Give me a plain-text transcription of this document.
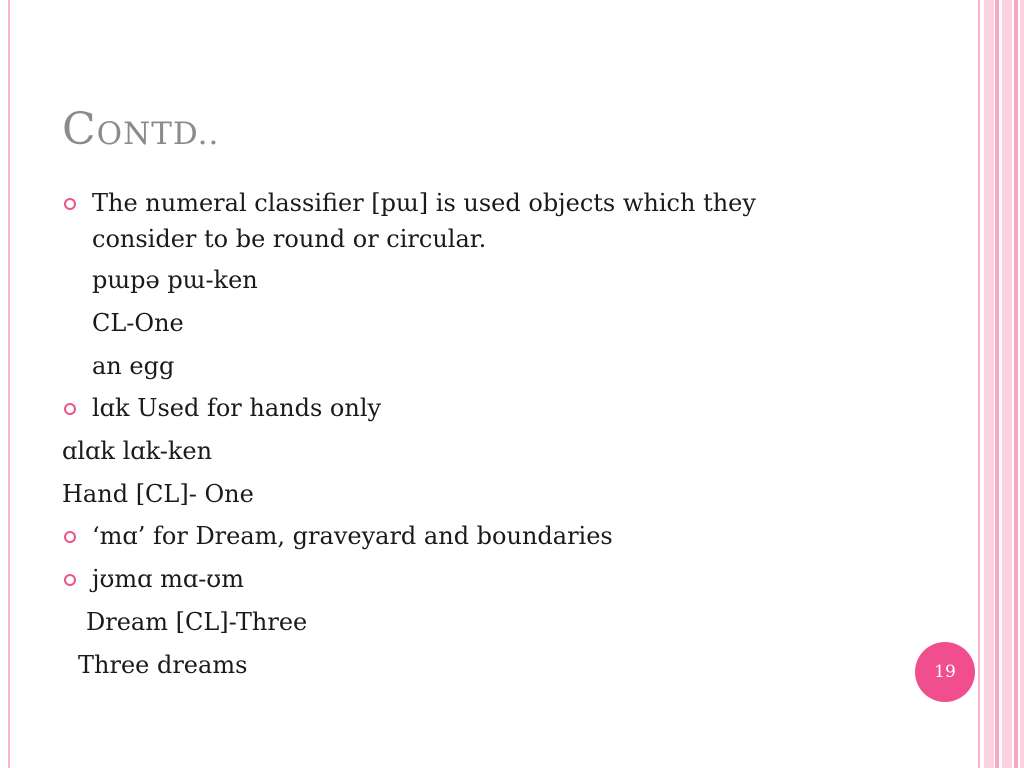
CONTD..
The numeral classifier [pɯ] is used objects which they
consider to be round or circular.
pɯpə pɯ-ken
CL-One
an egg
lɑk Used for hands only
ɑlɑk lɑk-ken
Hand [CL]- One
‘mɑ’ for Dream, graveyard and boundaries
jʊmɑ mɑ-ʊm
Dream [CL]-Three
Three dreams	19
